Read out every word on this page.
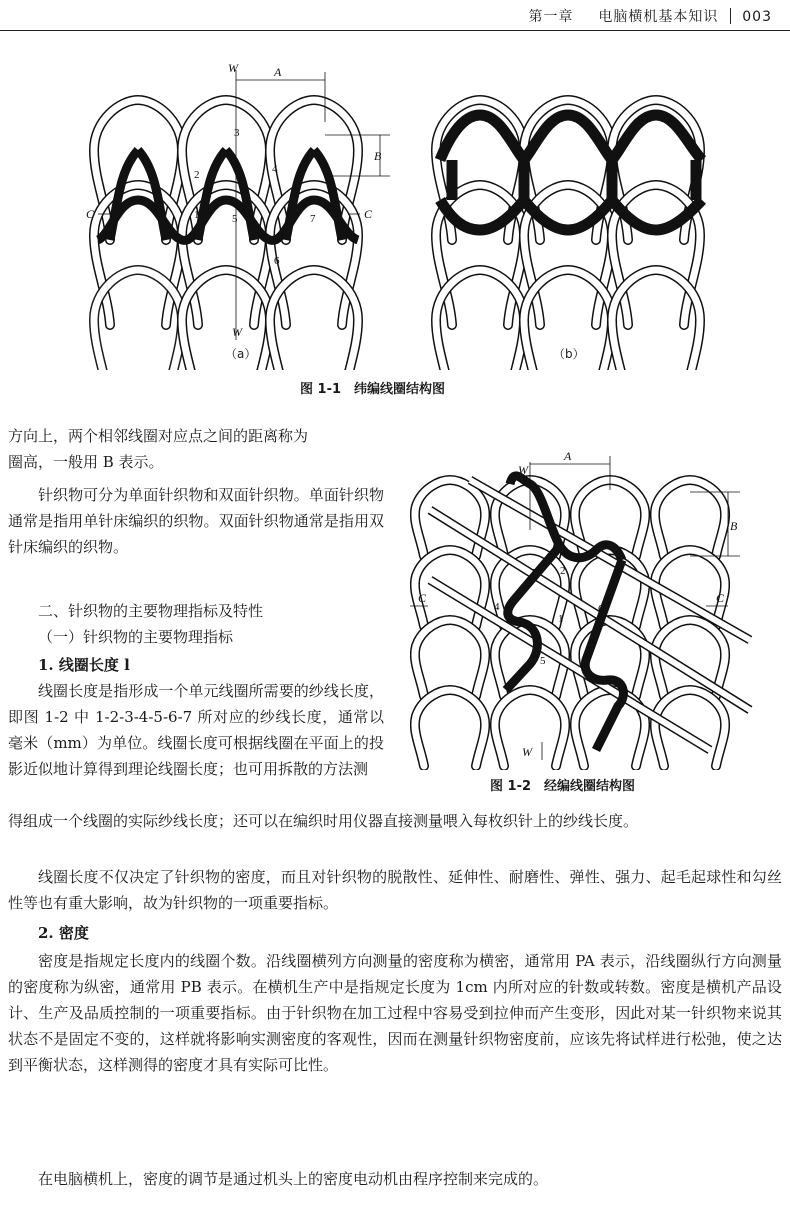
第一章 电脑横机基本知识 003
W	A
B
C	C
W
3
2	4
1	5
6
7
（a）	（b）
图 1-1　纬编线圈结构图

方向上，两个相邻线圈对应点之间的距离称为

圈高，一般用 B 表示。

针织物可分为单面针织物和双面针织物。单面针织物通常是指用单针床编织的织物。双面针织物通常是指用双针床编织的织物。

二、针织物的主要物理指标及特性

（一）针织物的主要物理指标

1. 线圈长度 l

线圈长度是指形成一个单元线圈所需要的纱线长度，即图 1-2 中 1-2-3-4-5-6-7 所对应的纱线长度，通常以毫米（mm）为单位。线圈长度可根据线圈在平面上的投影近似地计算得到理论线圈长度；也可用拆散的方法测

W
A
B
C	C
W
3 2
4
1
6
5
图 1-2　经编线圈结构图

得组成一个线圈的实际纱线长度；还可以在编织时用仪器直接测量喂入每枚织针上的纱线长度。

线圈长度不仅决定了针织物的密度，而且对针织物的脱散性、延伸性、耐磨性、弹性、强力、起毛起球性和勾丝性等也有重大影响，故为针织物的一项重要指标。

2. 密度

密度是指规定长度内的线圈个数。沿线圈横列方向测量的密度称为横密，通常用 PA 表示，沿线圈纵行方向测量的密度称为纵密，通常用 PB 表示。在横机生产中是指规定长度为 1cm 内所对应的针数或转数。密度是横机产品设计、生产及品质控制的一项重要指标。由于针织物在加工过程中容易受到拉伸而产生变形，因此对某一针织物来说其状态不是固定不变的，这样就将影响实测密度的客观性，因而在测量针织物密度前，应该先将试样进行松弛，使之达到平衡状态，这样测得的密度才具有实际可比性。

在电脑横机上，密度的调节是通过机头上的密度电动机由程序控制来完成的。
